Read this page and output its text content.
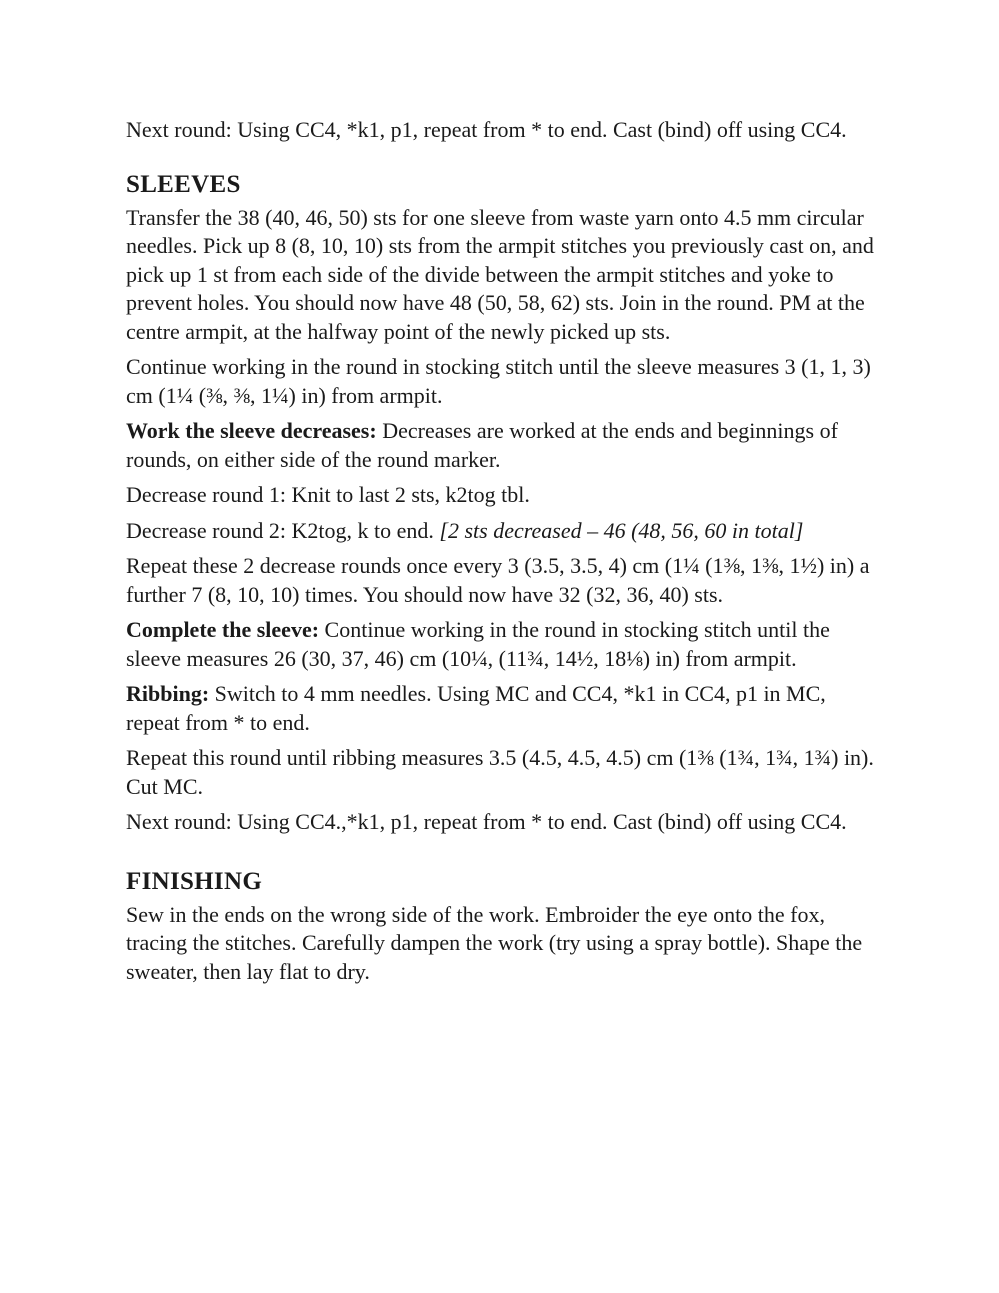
Next round: Using CC4, *k1, p1, repeat from * to end. Cast (bind) off using CC4.

SLEEVES

Transfer the 38 (40, 46, 50) sts for one sleeve from waste yarn onto 4.5 mm circular needles. Pick up 8 (8, 10, 10) sts from the armpit stitches you previously cast on, and pick up 1 st from each side of the divide between the armpit stitches and yoke to prevent holes. You should now have 48 (50, 58, 62) sts. Join in the round. PM at the centre armpit, at the halfway point of the newly picked up sts.

Continue working in the round in stocking stitch until the sleeve measures 3 (1, 1, 3) cm (1¼ (⅜, ⅜, 1¼) in) from armpit.

Work the sleeve decreases: Decreases are worked at the ends and beginnings of rounds, on either side of the round marker.

Decrease round 1: Knit to last 2 sts, k2tog tbl.

Decrease round 2: K2tog, k to end. [2 sts decreased – 46 (48, 56, 60 in total]

Repeat these 2 decrease rounds once every 3 (3.5, 3.5, 4) cm (1¼ (1⅜, 1⅜, 1½) in) a further 7 (8, 10, 10) times. You should now have 32 (32, 36, 40) sts.

Complete the sleeve: Continue working in the round in stocking stitch until the sleeve measures 26 (30, 37, 46) cm (10¼, (11¾, 14½, 18⅛) in) from armpit.

Ribbing: Switch to 4 mm needles. Using MC and CC4, *k1 in CC4, p1 in MC, repeat from * to end.

Repeat this round until ribbing measures 3.5 (4.5, 4.5, 4.5) cm (1⅜ (1¾, 1¾, 1¾) in). Cut MC.

Next round: Using CC4.,*k1, p1, repeat from * to end. Cast (bind) off using CC4.

FINISHING

Sew in the ends on the wrong side of the work. Embroider the eye onto the fox, tracing the stitches. Carefully dampen the work (try using a spray bottle). Shape the sweater, then lay flat to dry.
